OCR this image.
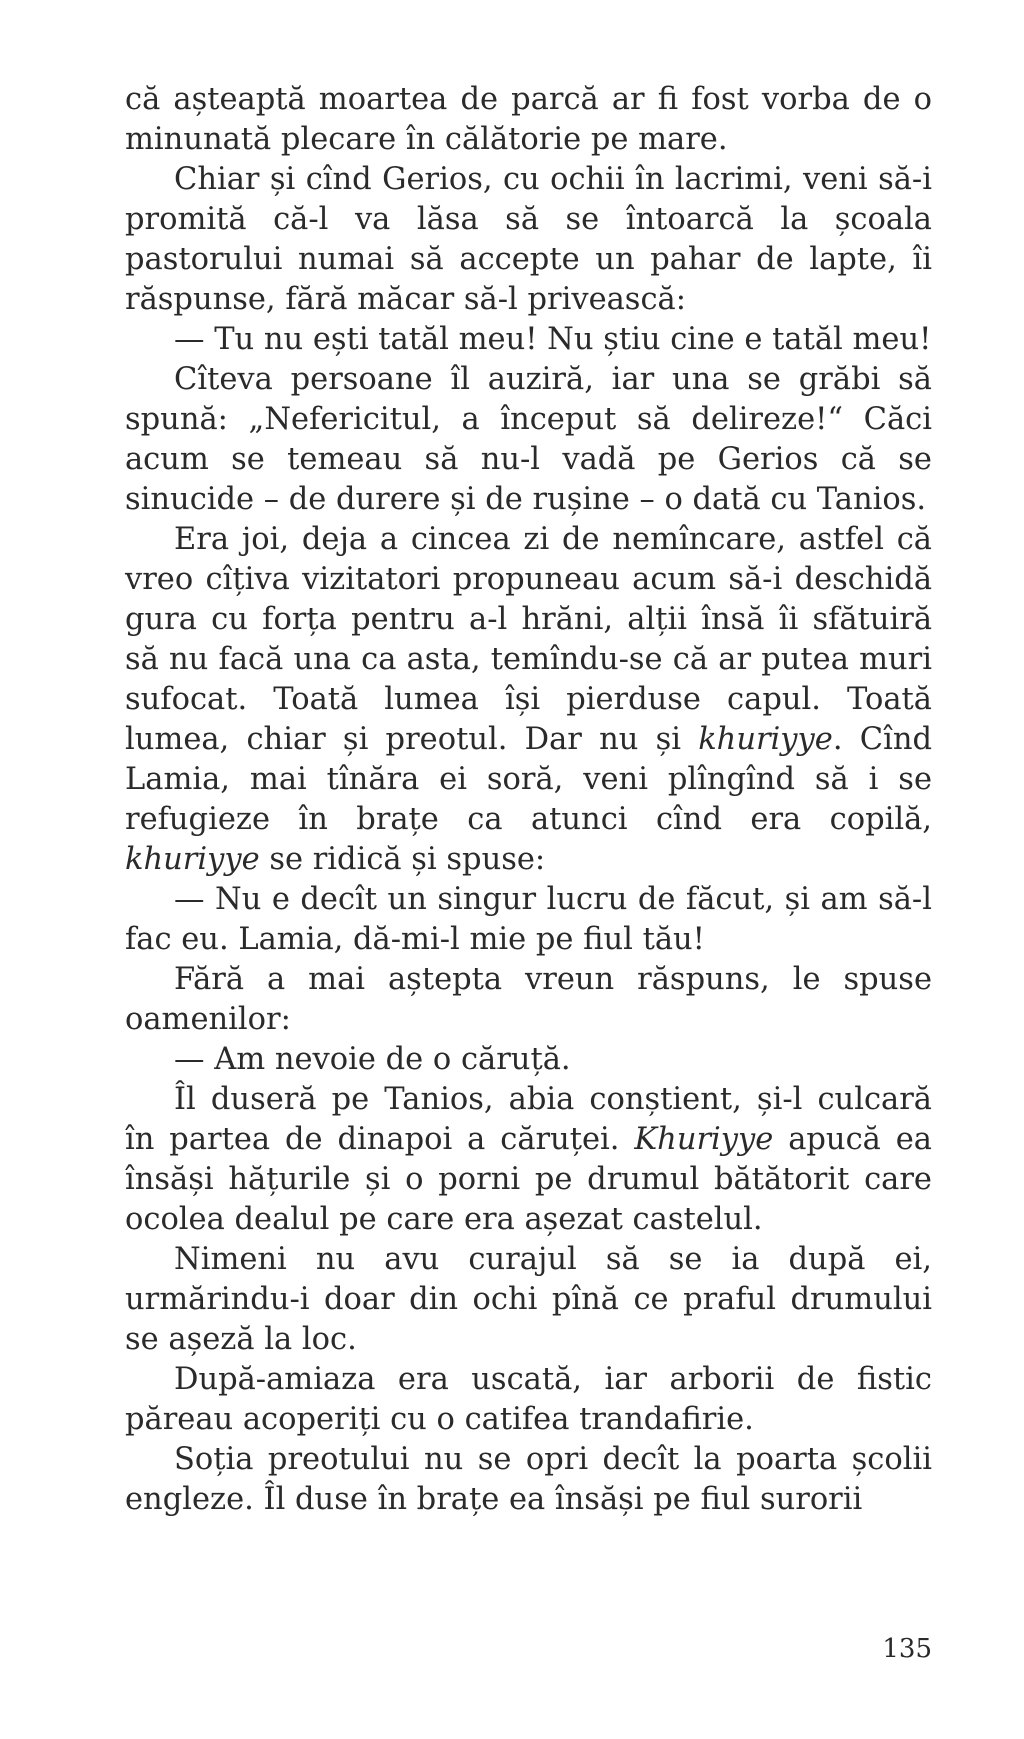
că așteaptă moartea de parcă ar fi fost vorba de o minunată plecare în călătorie pe mare.

Chiar și cînd Gerios, cu ochii în lacrimi, veni să-i promită că-l va lăsa să se întoarcă la școala pastorului numai să accepte un pahar de lapte, îi răspunse, fără măcar să-l privească:

— Tu nu ești tatăl meu! Nu știu cine e tatăl meu!

Cîteva persoane îl auziră, iar una se grăbi să spună: „Nefericitul, a început să delireze!“ Căci acum se temeau să nu-l vadă pe Gerios că se sinucide – de durere și de rușine – o dată cu Tanios.

Era joi, deja a cincea zi de nemîncare, astfel că vreo cîțiva vizitatori propuneau acum să-i deschidă gura cu forța pentru a-l hrăni, alții însă îi sfătuiră să nu facă una ca asta, temîndu-se că ar putea muri sufocat. Toată lumea își pierduse capul. Toată lumea, chiar și preotul. Dar nu și khuriyye. Cînd Lamia, mai tînăra ei soră, veni plîngînd să i se refugieze în brațe ca atunci cînd era copilă, khuriyye se ridică și spuse:

— Nu e decît un singur lucru de făcut, și am să-l fac eu. Lamia, dă-mi-l mie pe fiul tău!

Fără a mai aștepta vreun răspuns, le spuse oamenilor:

— Am nevoie de o căruță.

Îl duseră pe Tanios, abia conștient, și-l culcară în partea de dinapoi a căruței. Khuriyye apucă ea însăși hățurile și o porni pe drumul bătătorit care ocolea dealul pe care era așezat castelul.

Nimeni nu avu curajul să se ia după ei, urmărindu-i doar din ochi pînă ce praful drumului se așeză la loc.

După-amiaza era uscată, iar arborii de fistic păreau acoperiți cu o catifea trandafirie.

Soția preotului nu se opri decît la poarta școlii engleze. Îl duse în brațe ea însăși pe fiul surorii

135
